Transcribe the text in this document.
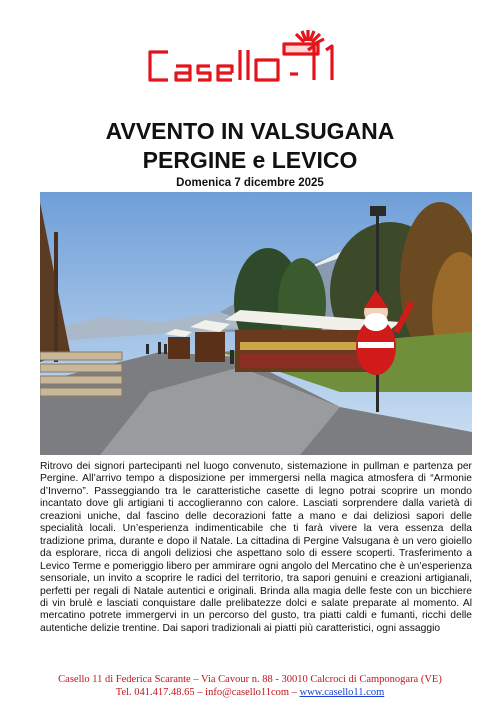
AVVENTO IN VALSUGANA
PERGINE e LEVICO
Domenica 7 dicembre 2025
Ritrovo dei signori partecipanti nel luogo convenuto, sistemazione in pullman e partenza per Pergine. All’arrivo tempo a disposizione per immergersi nella magica atmosfera di “Armonie d’Inverno”. Passeggiando tra le caratteristiche casette di legno potrai scoprire un mondo incantato dove gli artigiani ti accoglieranno con calore. Lasciati sorprendere dalla varietà di creazioni uniche, dal fascino delle decorazioni fatte a mano e dai deliziosi sapori delle specialità locali. Un’esperienza indimenticabile che ti farà vivere la vera essenza della tradizione prima, durante e dopo il Natale. La cittadina di Pergine Valsugana è un vero gioiello da esplorare, ricca di angoli deliziosi che aspettano solo di essere scoperti. Trasferimento a Levico Terme e pomeriggio libero per ammirare ogni angolo del Mercatino che è un’esperienza sensoriale, un invito a scoprire le radici del territorio, tra sapori genuini e creazioni artigianali, perfetti per regali di Natale autentici e originali. Brinda alla magia delle feste con un bicchiere di vin brulè e lasciati conquistare dalle prelibatezze dolci e salate preparate al momento. Al mercatino potrete immergervi in un percorso del gusto, tra piatti caldi e fumanti, ricchi delle autentiche delizie trentine. Dai sapori tradizionali ai piatti più caratteristici, ogni assaggio
Casello 11 di Federica Scarante – Via Cavour n. 88 - 30010 Calcroci di Camponogara (VE)
Tel. 041.417.48.65 – info@casello11com – www.casello11.com
